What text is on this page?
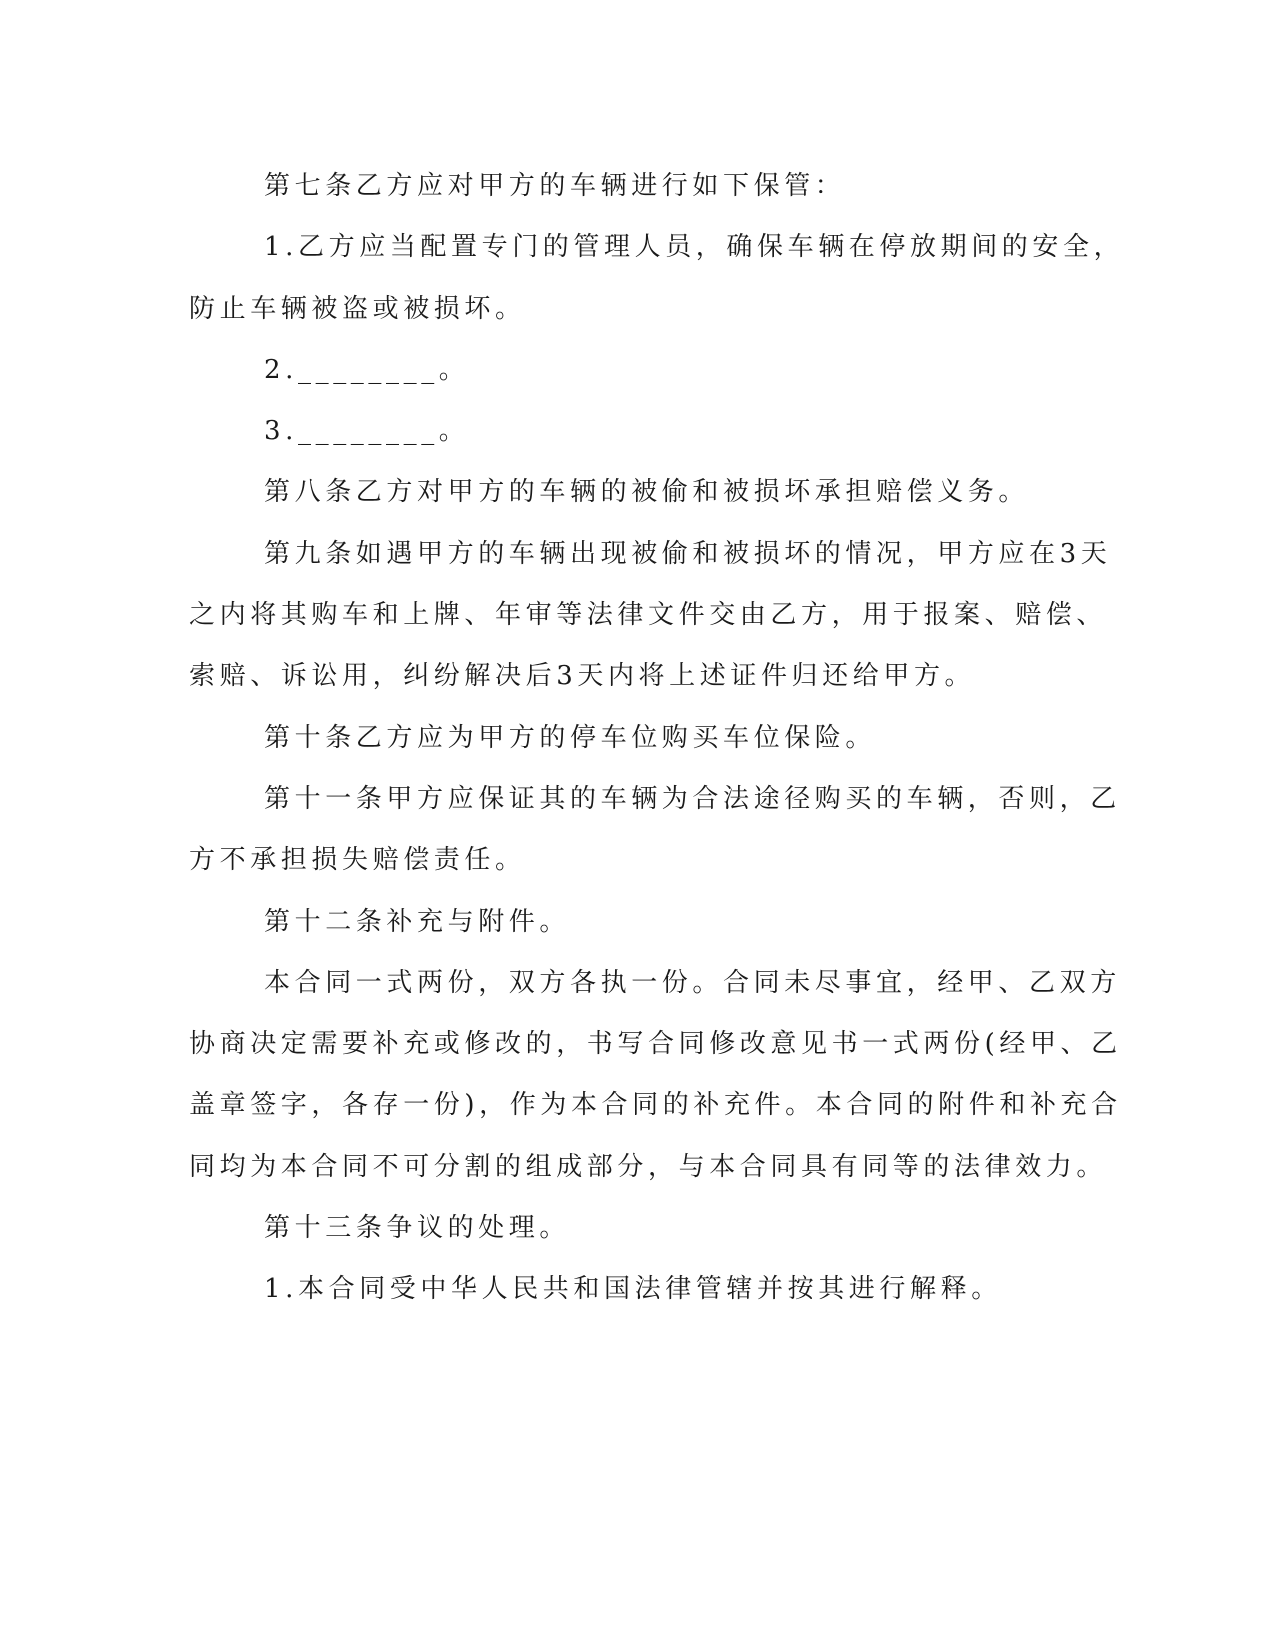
第七条乙方应对甲方的车辆进行如下保管：
1.乙方应当配置专门的管理人员，确保车辆在停放期间的安全，
防止车辆被盗或被损坏。
2.________。
3.________。
第八条乙方对甲方的车辆的被偷和被损坏承担赔偿义务。
第九条如遇甲方的车辆出现被偷和被损坏的情况，甲方应在3天
之内将其购车和上牌、年审等法律文件交由乙方，用于报案、赔偿、
索赔、诉讼用，纠纷解决后3天内将上述证件归还给甲方。
第十条乙方应为甲方的停车位购买车位保险。
第十一条甲方应保证其的车辆为合法途径购买的车辆，否则，乙
方不承担损失赔偿责任。
第十二条补充与附件。
本合同一式两份，双方各执一份。合同未尽事宜，经甲、乙双方
协商决定需要补充或修改的，书写合同修改意见书一式两份(经甲、乙
盖章签字，各存一份)，作为本合同的补充件。本合同的附件和补充合
同均为本合同不可分割的组成部分，与本合同具有同等的法律效力。
第十三条争议的处理。
1.本合同受中华人民共和国法律管辖并按其进行解释。
